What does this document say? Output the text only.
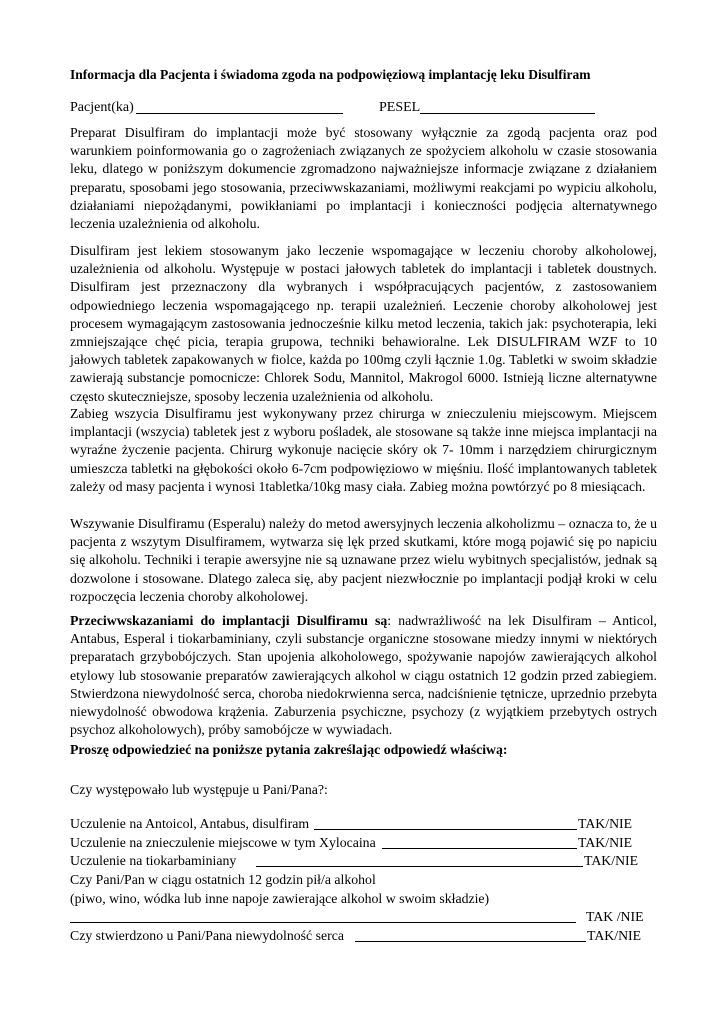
Informacja dla Pacjenta i świadoma zgoda na podpowięziową implantację leku Disulfiram
Pacjent(ka)	PESEL

Preparat Disulfiram do implantacji może być stosowany wyłącznie za zgodą pacjenta oraz pod warunkiem poinformowania go o zagrożeniach związanych ze spożyciem alkoholu w czasie stosowania leku, dlatego w poniższym dokumencie zgromadzono najważniejsze informacje związane z działaniem preparatu, sposobami jego stosowania, przeciwwskazaniami, możliwymi reakcjami po wypiciu alkoholu, działaniami niepożądanymi, powikłaniami po implantacji i konieczności podjęcia alternatywnego leczenia uzależnienia od alkoholu.

Disulfiram jest lekiem stosowanym jako leczenie wspomagające w leczeniu choroby alkoholowej, uzależnienia od alkoholu. Występuje w postaci jałowych tabletek do implantacji i tabletek doustnych. Disulfiram jest przeznaczony dla wybranych i współpracujących pacjentów, z zastosowaniem odpowiedniego leczenia wspomagającego np. terapii uzależnień. Leczenie choroby alkoholowej jest procesem wymagającym zastosowania jednocześnie kilku metod leczenia, takich jak: psychoterapia, leki zmniejszające chęć picia, terapia grupowa, techniki behawioralne. Lek DISULFIRAM WZF to 10 jałowych tabletek zapakowanych w fiolce, każda po 100mg czyli łącznie 1.0g. Tabletki w swoim składzie zawierają substancje pomocnicze: Chlorek Sodu, Mannitol, Makrogol 6000. Istnieją liczne alternatywne często skuteczniejsze, sposoby leczenia uzależnienia od alkoholu.

Zabieg wszycia Disulfiramu jest wykonywany przez chirurga w znieczuleniu miejscowym. Miejscem implantacji (wszycia) tabletek jest z wyboru pośladek, ale stosowane są także inne miejsca implantacji na wyraźne życzenie pacjenta. Chirurg wykonuje nacięcie skóry ok 7- 10mm i narzędziem chirurgicznym umieszcza tabletki na głębokości około 6-7cm podpowięziowo w mięśniu. Ilość implantowanych tabletek zależy od masy pacjenta i wynosi 1tabletka/10kg masy ciała. Zabieg można powtórzyć po 8 miesiącach.

Wszywanie Disulfiramu (Esperalu) należy do metod awersyjnych leczenia alkoholizmu – oznacza to, że u pacjenta z wszytym Disulfiramem, wytwarza się lęk przed skutkami, które mogą pojawić się po napiciu się alkoholu. Techniki i terapie awersyjne nie są uznawane przez wielu wybitnych specjalistów, jednak są dozwolone i stosowane. Dlatego zaleca się, aby pacjent niezwłocznie po implantacji podjął kroki w celu rozpoczęcia leczenia choroby alkoholowej.

Przeciwwskazaniami do implantacji Disulfiramu są: nadwrażliwość na lek Disulfiram – Anticol, Antabus, Esperal i tiokarbaminiany, czyli substancje organiczne stosowane miedzy innymi w niektórych preparatach grzybobójczych. Stan upojenia alkoholowego, spożywanie napojów zawierających alkohol etylowy lub stosowanie preparatów zawierających alkohol w ciągu ostatnich 12 godzin przed zabiegiem. Stwierdzona niewydolność serca, choroba niedokrwienna serca, nadciśnienie tętnicze, uprzednio przebyta niewydolność obwodowa krążenia. Zaburzenia psychiczne, psychozy (z wyjątkiem przebytych ostrych psychoz alkoholowych), próby samobójcze w wywiadach.

Proszę odpowiedzieć na poniższe pytania zakreślając odpowiedź właściwą:
Czy występowało lub występuje u Pani/Pana?:
Uczulenie na Antoicol, Antabus, disulfiram	TAK/NIE
Uczulenie na znieczulenie miejscowe w tym Xylocaina	TAK/NIE
Uczulenie na tiokarbaminiany	TAK/NIE
Czy Pani/Pan w ciągu ostatnich 12 godzin pił/a alkohol
(piwo, wino, wódka lub inne napoje zawierające alkohol w swoim składzie)
TAK /NIE
Czy stwierdzono u Pani/Pana niewydolność serca	TAK/NIE
